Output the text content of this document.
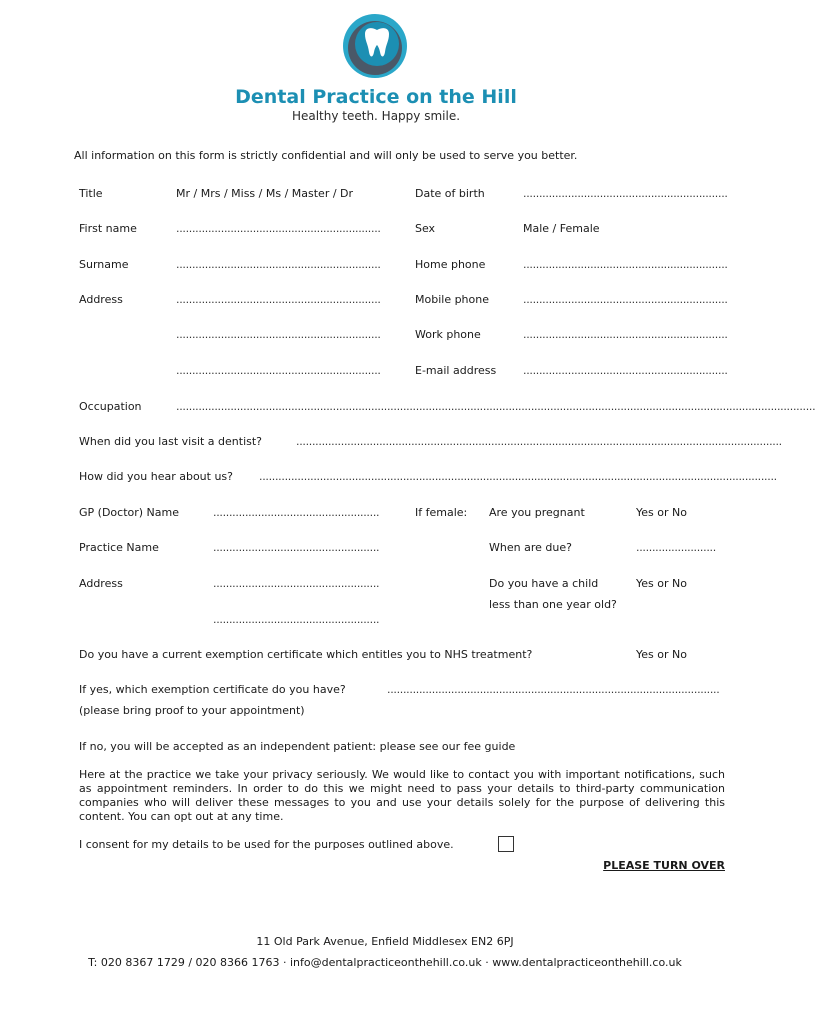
Dental Practice on the Hill
Healthy teeth. Happy smile.
All information on this form is strictly confidential and will only be used to serve you better.
Title	Mr / Mrs / Miss / Ms / Master / Dr	Date of birth	................................................................
First name	................................................................	Sex	Male / Female
Surname	................................................................	Home phone	................................................................
Address	................................................................	Mobile phone	................................................................
................................................................	Work phone	................................................................
................................................................	E-mail address ................................................................
Occupation	........................................................................................................................................................................................................
When did you last visit a dentist?	........................................................................................................................................................
How did you hear about us? ..................................................................................................................................................................
GP (Doctor) Name	....................................................	If female: Are you pregnant	Yes or No
Practice Name	....................................................	When are due?	.........................
Address	....................................................	Do you have a child	Yes or No
less than one year old?
....................................................
Do you have a current exemption certificate which entitles you to NHS treatment?	Yes or No
If yes, which exemption certificate do you have?	........................................................................................................
(please bring proof to your appointment)
If no, you will be accepted as an independent patient: please see our fee guide
Here at the practice we take your privacy seriously. We would like to contact you with important notifications, such as appointment reminders. In order to do this we might need to pass your details to third-party communication companies who will deliver these messages to you and use your details solely for the purpose of delivering this content. You can opt out at any time.
I consent for my details to be used for the purposes outlined above.
PLEASE TURN OVER
11 Old Park Avenue, Enfield Middlesex EN2 6PJ
T: 020 8367 1729 / 020 8366 1763 · info@dentalpracticeonthehill.co.uk · www.dentalpracticeonthehill.co.uk
